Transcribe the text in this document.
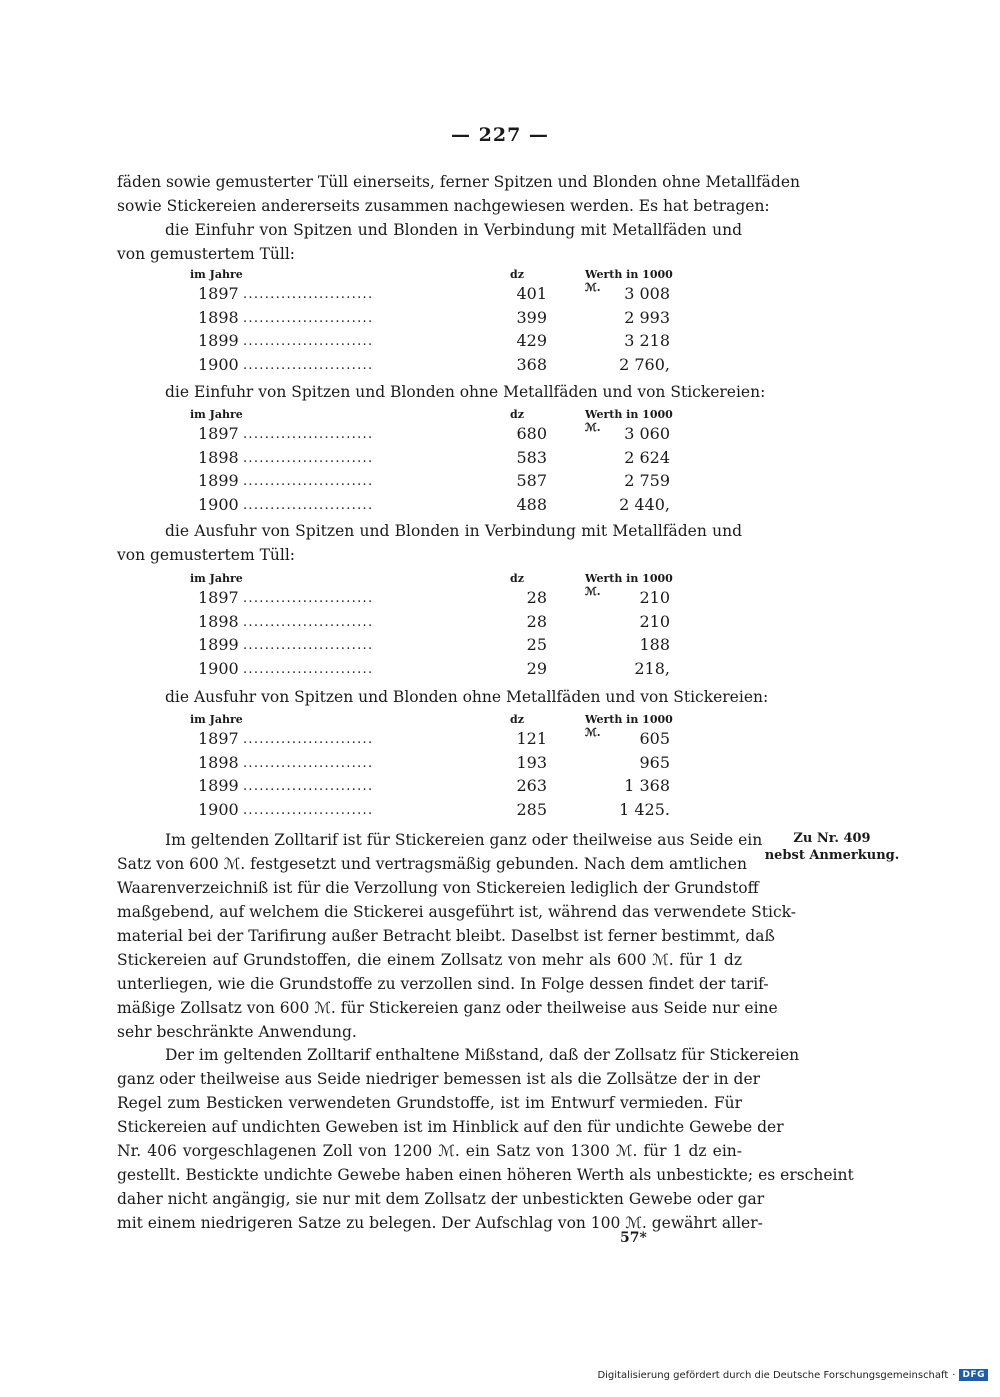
— 227 —
fäden sowie gemusterter Tüll einerseits, ferner Spitzen und Blonden ohne Metallfäden
sowie Stickereien andererseits zusammen nachgewiesen werden. Es hat betragen:
die Einfuhr von Spitzen und Blonden in Verbindung mit Metallfäden und
von gemustertem Tüll:
im Jahre	dz	Werth in 1000 ℳ.
1897 ........................	401	3 008
1898 ........................	399	2 993
1899 ........................	429	3 218
1900 ........................	368	2 760,
die Einfuhr von Spitzen und Blonden ohne Metallfäden und von Stickereien:
im Jahre	dz	Werth in 1000 ℳ.
1897 ........................	680	3 060
1898 ........................	583	2 624
1899 ........................	587	2 759
1900 ........................	488	2 440,
die Ausfuhr von Spitzen und Blonden in Verbindung mit Metallfäden und
von gemustertem Tüll:
im Jahre	dz	Werth in 1000 ℳ.
1897 ........................	28	210
1898 ........................	28	210
1899 ........................	25	188
1900 ........................	29	218,
die Ausfuhr von Spitzen und Blonden ohne Metallfäden und von Stickereien:
im Jahre	dz	Werth in 1000 ℳ.
1897 ........................	121	605
1898 ........................	193	965
1899 ........................	263	1 368
1900 ........................	285	1 425.
Zu Nr. 409
nebst Anmerkung.
Im geltenden Zolltarif ist für Stickereien ganz oder theilweise aus Seide ein
Satz von 600 ℳ. festgesetzt und vertragsmäßig gebunden. Nach dem amtlichen
Waarenverzeichniß ist für die Verzollung von Stickereien lediglich der Grundstoff
maßgebend, auf welchem die Stickerei ausgeführt ist, während das verwendete Stick-
material bei der Tarifirung außer Betracht bleibt. Daselbst ist ferner bestimmt, daß
Stickereien auf Grundstoffen, die einem Zollsatz von mehr als 600 ℳ. für 1 dz
unterliegen, wie die Grundstoffe zu verzollen sind. In Folge dessen findet der tarif-
mäßige Zollsatz von 600 ℳ. für Stickereien ganz oder theilweise aus Seide nur eine
sehr beschränkte Anwendung.
Der im geltenden Zolltarif enthaltene Mißstand, daß der Zollsatz für Stickereien
ganz oder theilweise aus Seide niedriger bemessen ist als die Zollsätze der in der
Regel zum Besticken verwendeten Grundstoffe, ist im Entwurf vermieden. Für
Stickereien auf undichten Geweben ist im Hinblick auf den für undichte Gewebe der
Nr. 406 vorgeschlagenen Zoll von 1200 ℳ. ein Satz von 1300 ℳ. für 1 dz ein-
gestellt. Bestickte undichte Gewebe haben einen höheren Werth als unbestickte; es erscheint
daher nicht angängig, sie nur mit dem Zollsatz der unbestickten Gewebe oder gar
mit einem niedrigeren Satze zu belegen. Der Aufschlag von 100 ℳ. gewährt aller-
57*
Digitalisierung gefördert durch die Deutsche Forschungsgemeinschaft · DFG
